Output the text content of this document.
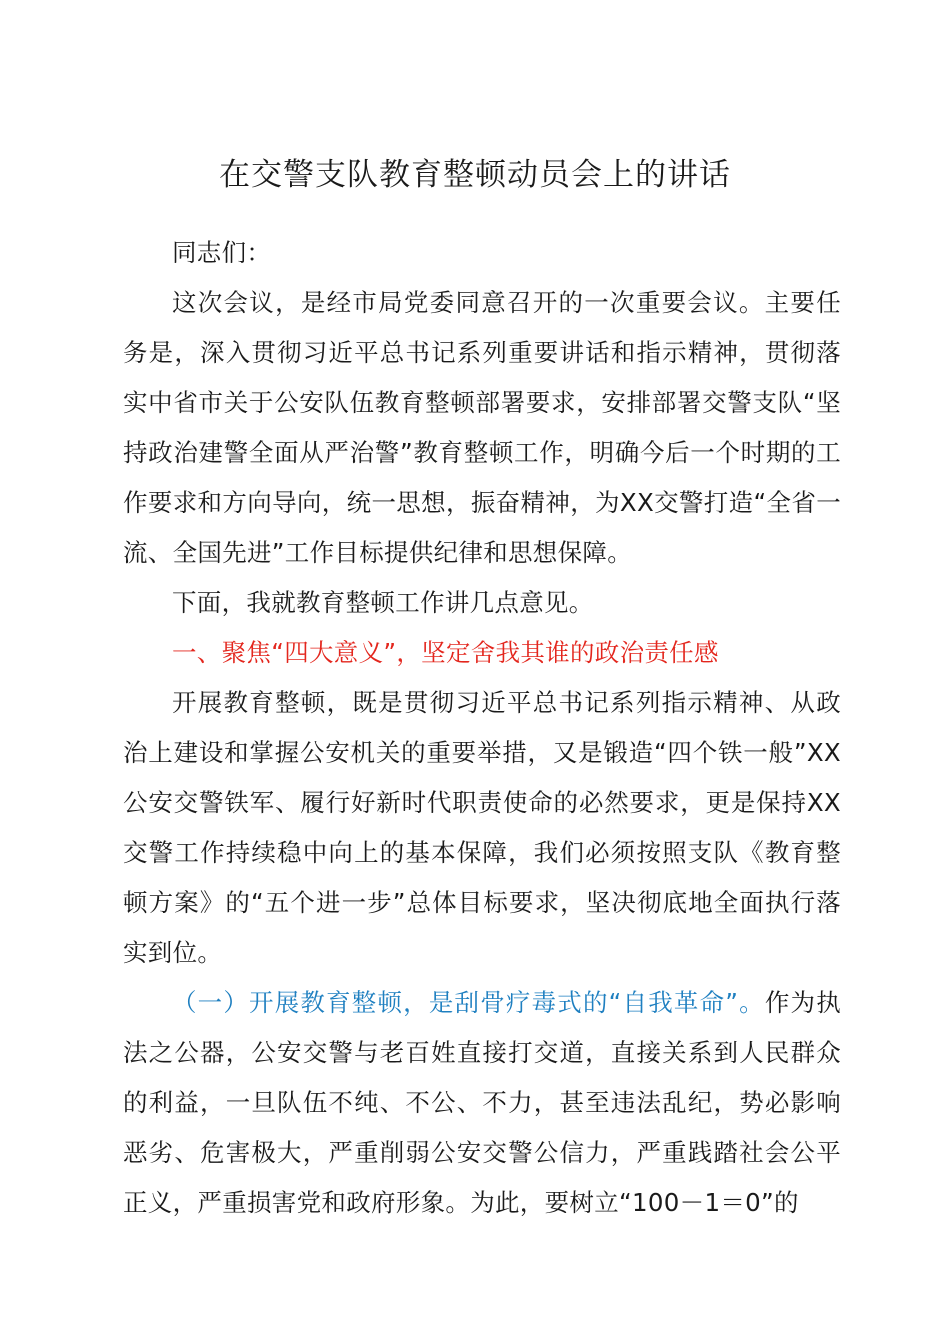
在交警支队教育整顿动员会上的讲话

同志们：

这次会议，是经市局党委同意召开的一次重要会议。主要任务是，深入贯彻习近平总书记系列重要讲话和指示精神，贯彻落实中省市关于公安队伍教育整顿部署要求，安排部署交警支队“坚持政治建警全面从严治警”教育整顿工作，明确今后一个时期的工作要求和方向导向，统一思想，振奋精神，为XX交警打造“全省一流、全国先进”工作目标提供纪律和思想保障。

下面，我就教育整顿工作讲几点意见。

一、聚焦“四大意义”，坚定舍我其谁的政治责任感

开展教育整顿，既是贯彻习近平总书记系列指示精神、从政治上建设和掌握公安机关的重要举措，又是锻造“四个铁一般”XX公安交警铁军、履行好新时代职责使命的必然要求，更是保持XX交警工作持续稳中向上的基本保障，我们必须按照支队《教育整顿方案》的“五个进一步”总体目标要求，坚决彻底地全面执行落实到位。

（一）开展教育整顿，是刮骨疗毒式的“自我革命”。作为执法之公器，公安交警与老百姓直接打交道，直接关系到人民群众的利益，一旦队伍不纯、不公、不力，甚至违法乱纪，势必影响恶劣、危害极大，严重削弱公安交警公信力，严重践踏社会公平正义，严重损害党和政府形象。为此，要树立“100－1＝0”的
